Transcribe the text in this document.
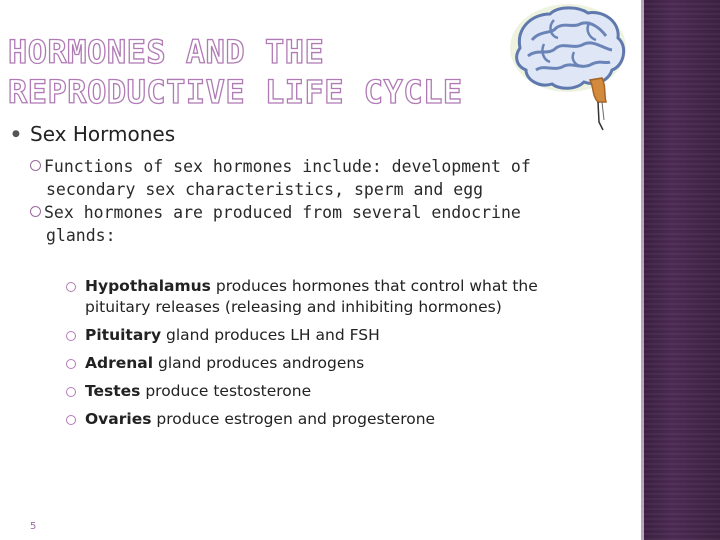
HORMONES AND THE
REPRODUCTIVE LIFE CYCLE
● Sex Hormones
Functions of sex hormones include: development of secondary sex characteristics, sperm and egg
Sex hormones are produced from several endocrine glands:
Hypothalamus produces hormones that control what the pituitary releases (releasing and inhibiting hormones)
Pituitary gland produces LH and FSH
Adrenal gland produces androgens
Testes produce testosterone
Ovaries produce estrogen and progesterone
5
